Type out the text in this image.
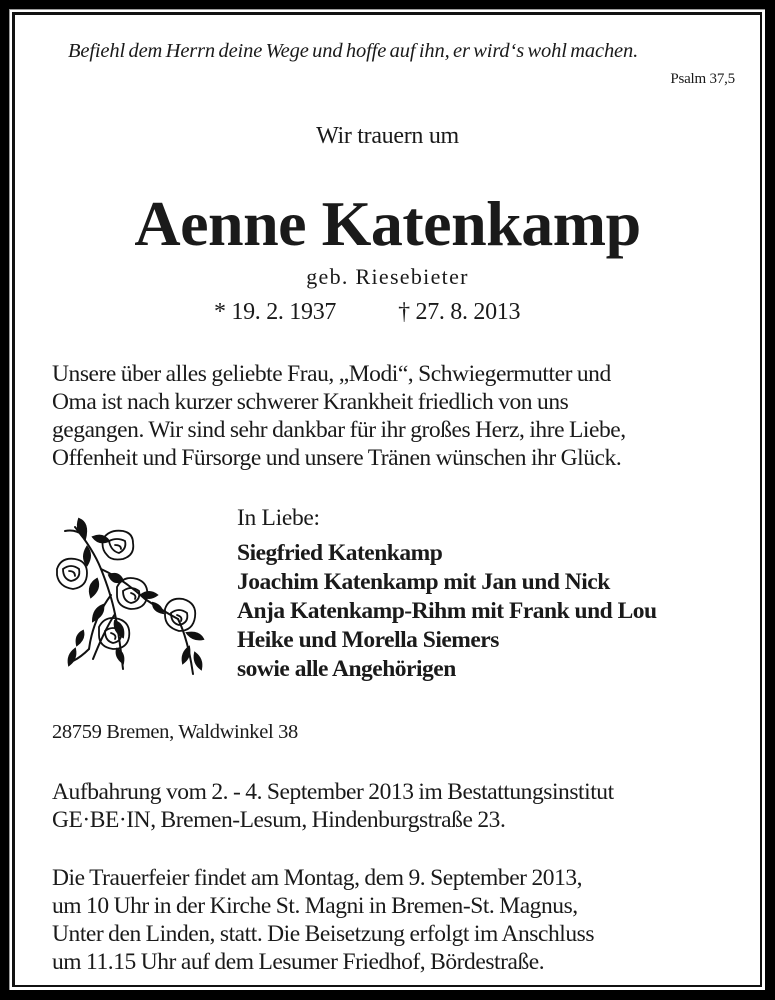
Befiehl dem Herrn deine Wege und hoffe auf ihn, er wird‘s wohl machen.
Psalm 37,5
Wir trauern um
Aenne Katenkamp
geb. Riesebieter
* 19. 2. 1937	† 27. 8. 2013
Unsere über alles geliebte Frau, „Modi“, Schwiegermutter und
Oma ist nach kurzer schwerer Krankheit friedlich von uns
gegangen. Wir sind sehr dankbar für ihr großes Herz, ihre Liebe,
Offenheit und Fürsorge und unsere Tränen wünschen ihr Glück.
In Liebe:
Siegfried Katenkamp
Joachim Katenkamp mit Jan und Nick
Anja Katenkamp-Rihm mit Frank und Lou
Heike und Morella Siemers
sowie alle Angehörigen
28759 Bremen, Waldwinkel 38
Aufbahrung vom 2. - 4. September 2013 im Bestattungsinstitut
GE·BE·IN, Bremen-Lesum, Hindenburgstraße 23.
Die Trauerfeier findet am Montag, dem 9. September 2013,
um 10 Uhr in der Kirche St. Magni in Bremen-St. Magnus,
Unter den Linden, statt. Die Beisetzung erfolgt im Anschluss
um 11.15 Uhr auf dem Lesumer Friedhof, Bördestraße.
